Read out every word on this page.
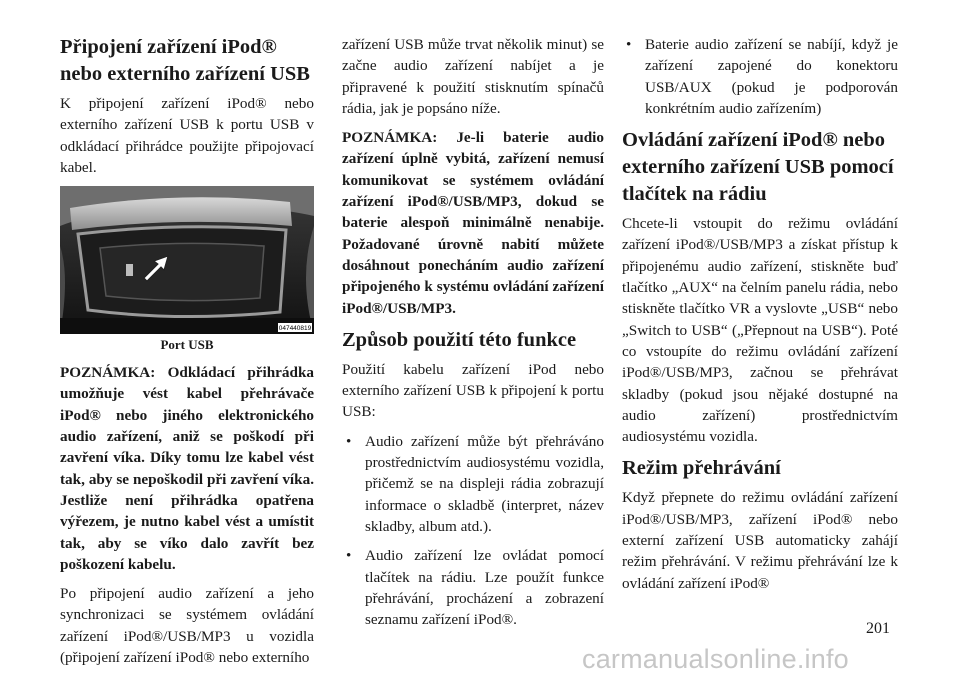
Připojení zařízení iPod® nebo externího zařízení USB

K připojení zařízení iPod® nebo externího zařízení USB k portu USB v odkládací přihrádce použijte připojovací kabel.

047440819
Port USB

POZNÁMKA: Odkládací přihrádka umožňuje vést kabel přehrávače iPod® nebo jiného elektronického audio zařízení, aniž se poškodí při zavření víka. Díky tomu lze kabel vést tak, aby se nepoškodil při zavření víka. Jestliže není přihrádka opatřena výřezem, je nutno kabel vést a umístit tak, aby se víko dalo zavřít bez poškození kabelu.

Po připojení audio zařízení a jeho synchronizaci se systémem ovládání zařízení iPod®/USB/MP3 u vozidla (připojení zařízení iPod® nebo externího

zařízení USB může trvat několik minut) se začne audio zařízení nabíjet a je připravené k použití stisknutím spínačů rádia, jak je popsáno níže.

POZNÁMKA: Je-li baterie audio zařízení úplně vybitá, zařízení nemusí komunikovat se systémem ovládání zařízení iPod®/USB/MP3, dokud se baterie alespoň minimálně nenabije. Požadované úrovně nabití můžete dosáhnout ponecháním audio zařízení připojeného k systému ovládání zařízení iPod®/USB/MP3.

Způsob použití této funkce

Použití kabelu zařízení iPod nebo externího zařízení USB k připojení k portu USB:

• Audio zařízení může být přehráváno prostřednictvím audiosystému vozidla, přičemž se na displeji rádia zobrazují informace o skladbě (interpret, název skladby, album atd.).
• Audio zařízení lze ovládat pomocí tlačítek na rádiu. Lze použít funkce přehrávání, procházení a zobrazení seznamu zařízení iPod®.
• Baterie audio zařízení se nabíjí, když je zařízení zapojené do konektoru USB/AUX (pokud je podporován konkrétním audio zařízením)
Ovládání zařízení iPod® nebo externího zařízení USB pomocí tlačítek na rádiu

Chcete-li vstoupit do režimu ovládání zařízení iPod®/USB/MP3 a získat přístup k připojenému audio zařízení, stiskněte buď tlačítko „AUX“ na čelním panelu rádia, nebo stiskněte tlačítko VR a vyslovte „USB“ nebo „Switch to USB“ („Přepnout na USB“). Poté co vstoupíte do režimu ovládání zařízení iPod®/USB/MP3, začnou se přehrávat skladby (pokud jsou nějaké dostupné na audio zařízení) prostřednictvím audiosystému vozidla.

Režim přehrávání

Když přepnete do režimu ovládání zařízení iPod®/USB/MP3, zařízení iPod® nebo externí zařízení USB automaticky zahájí režim přehrávání. V režimu přehrávání lze k ovládání zařízení iPod®

201
carmanualsonline.info
